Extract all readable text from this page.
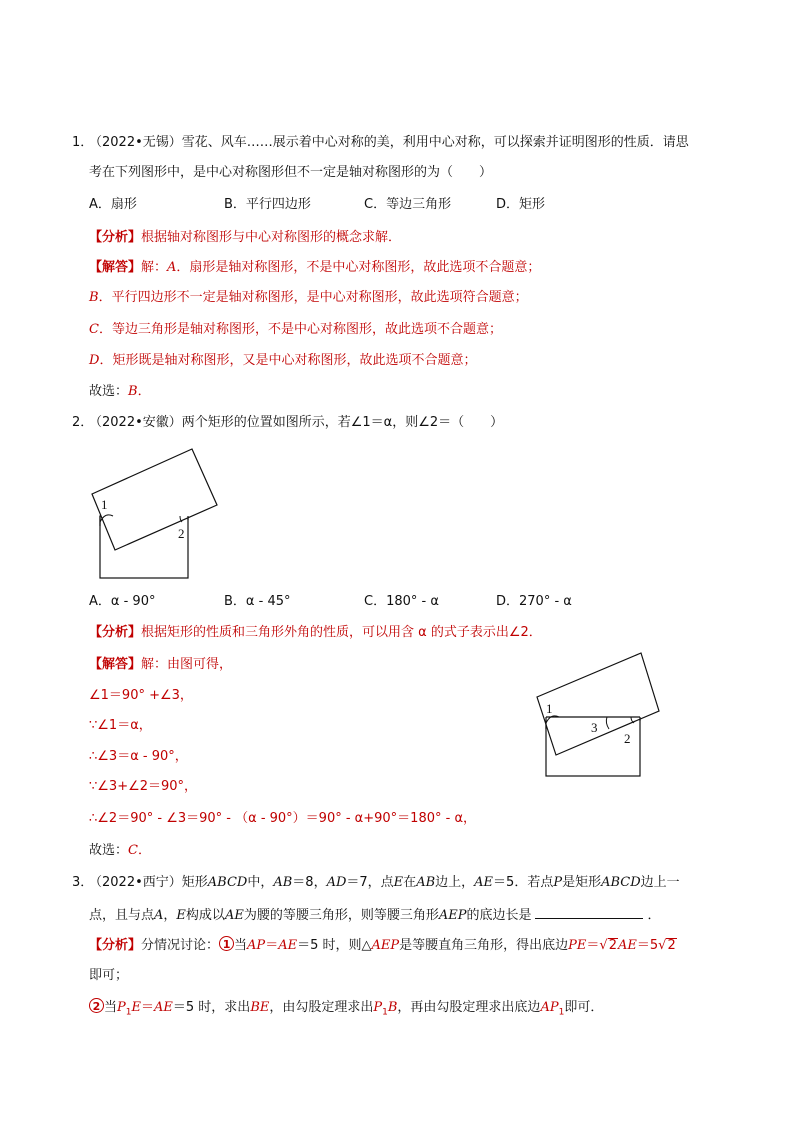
1．
（2022•无锡）雪花、风车……展示着中心对称的美，利用中心对称，可以探索并证明图形的性质．请思
考在下列图形中，是中心对称图形但不一定是轴对称图形的为（　　）
A．扇形	B．平行四边形	C．等边三角形	D．矩形
【分析】根据轴对称图形与中心对称图形的概念求解．
【解答】解：A．扇形是轴对称图形，不是中心对称图形，故此选项不合题意；
B．平行四边形不一定是轴对称图形，是中心对称图形，故此选项符合题意；
C．等边三角形是轴对称图形，不是中心对称图形，故此选项不合题意；
D．矩形既是轴对称图形，又是中心对称图形，故此选项不合题意；
故选：B．
2．
（2022•安徽）两个矩形的位置如图所示，若∠1＝α，则∠2＝（　　）
1
2
A．α - 90°	B．α - 45°	C．180° - α	D．270° - α
【分析】根据矩形的性质和三角形外角的性质，可以用含 α 的式子表示出∠2．
【解答】解：由图可得，
∠1＝90° +∠3，
∵∠1＝α，
∴∠3＝α - 90°，
∵∠3+∠2＝90°，
∴∠2＝90° - ∠3＝90° - （α - 90°）＝90° - α+90°＝180° - α，
故选：C．
1
3
2
3．
（2022•西宁）矩形ABCD中，AB＝8，AD＝7，点E在AB边上，AE＝5．若点P是矩形ABCD边上一
点，且与点A，E构成以AE为腰的等腰三角形，则等腰三角形AEP的底边长是	．
【分析】分情况讨论： 1 当AP＝AE＝5 时，则△AEP是等腰直角三角形，得出底边PE＝√2AE＝5√2
即可；
2 当$P_1E=AE=5$ 时，求出BE，由勾股定理求出$P_1B$，再由勾股定理求出底边$AP_1$即可．
